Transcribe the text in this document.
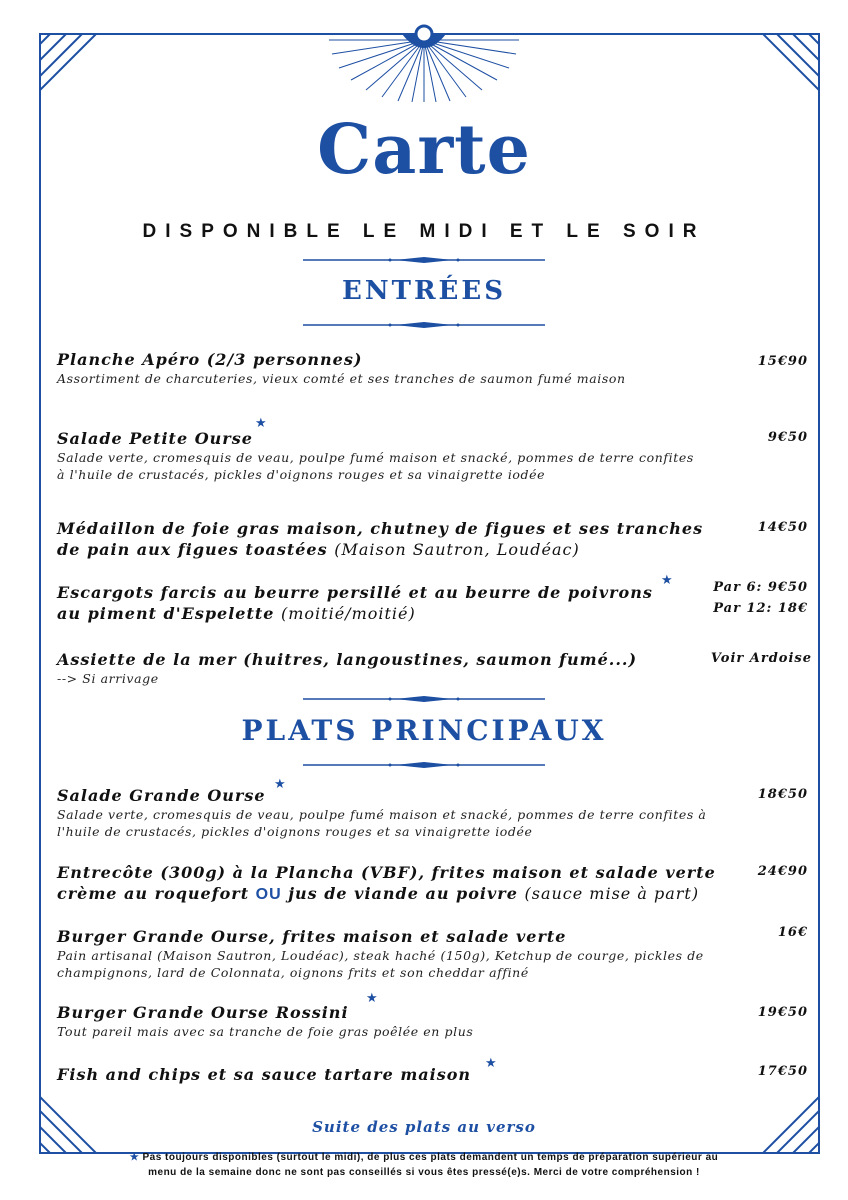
Carte
DISPONIBLE LE MIDI ET LE SOIR
ENTRÉES
Planche Apéro (2/3 personnes)
Assortiment de charcuteries, vieux comté et ses tranches de saumon fumé maison
15€90
Salade Petite Ourse
Salade verte, cromesquis de veau, poulpe fumé maison et snacké, pommes de terre confites à l'huile de crustacés, pickles d'oignons rouges et sa vinaigrette iodée
★
9€50
Médaillon de foie gras maison, chutney de figues et ses tranches de pain aux figues toastées (Maison Sautron, Loudéac)
14€50
Escargots farcis au beurre persillé et au beurre de poivrons au piment d'Espelette (moitié/moitié)
★	Par 6: 9€50
Par 12: 18€
Assiette de la mer (huitres, langoustines, saumon fumé...)
--> Si arrivage
Voir Ardoise
PLATS PRINCIPAUX
Salade Grande Ourse
Salade verte, cromesquis de veau, poulpe fumé maison et snacké, pommes de terre confites à l'huile de crustacés, pickles d'oignons rouges et sa vinaigrette iodée
★
18€50
Entrecôte (300g) à la Plancha (VBF), frites maison et salade verte
crème au roquefort OU jus de viande au poivre (sauce mise à part)
24€90
Burger Grande Ourse, frites maison et salade verte
Pain artisanal (Maison Sautron, Loudéac), steak haché (150g), Ketchup de courge, pickles de champignons, lard de Colonnata, oignons frits et son cheddar affiné
16€
Burger Grande Ourse Rossini
Tout pareil mais avec sa tranche de foie gras poêlée en plus
★
19€50
Fish and chips et sa sauce tartare maison
★
17€50
Suite des plats au verso
★ Pas toujours disponibles (surtout le midi), de plus ces plats demandent un temps de préparation supérieur au
menu de la semaine donc ne sont pas conseillés si vous êtes pressé(e)s. Merci de votre compréhension !
